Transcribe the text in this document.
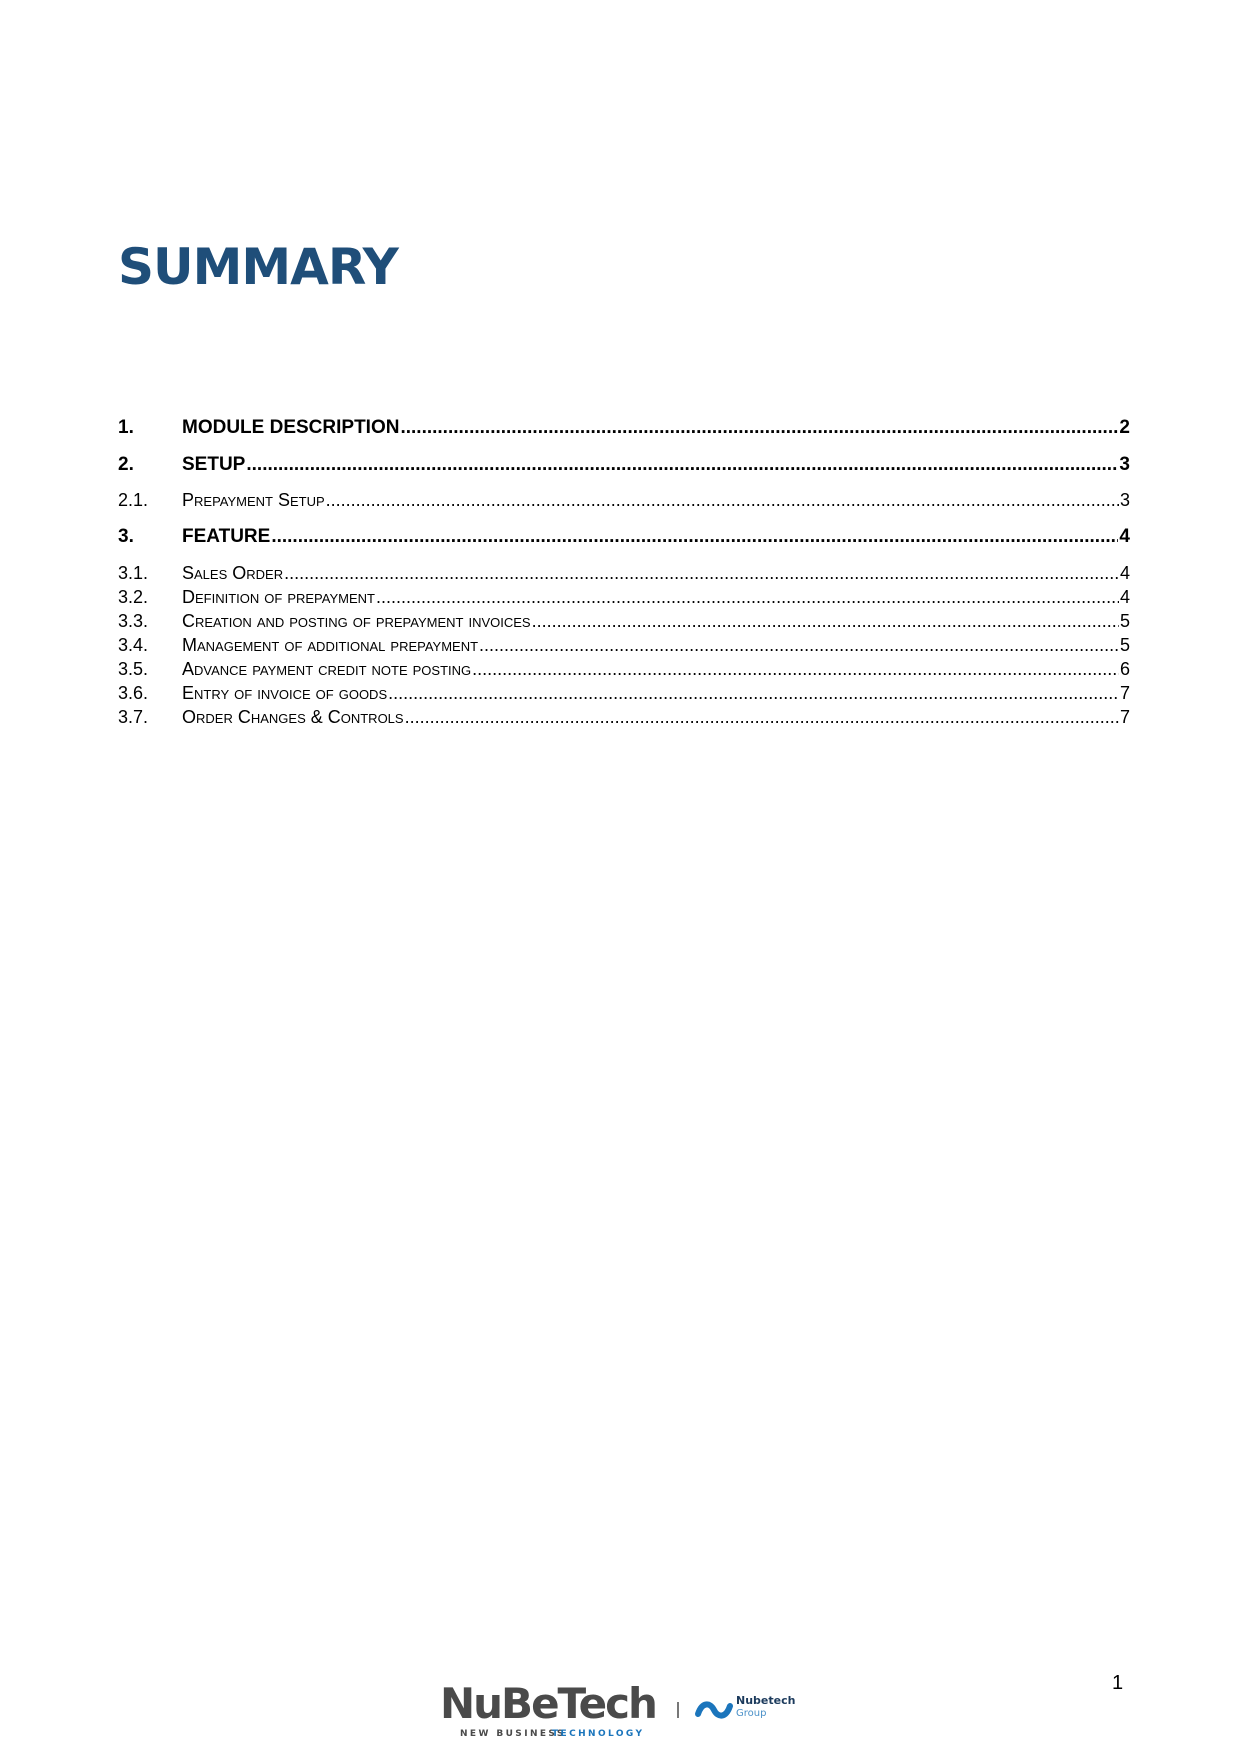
SUMMARY
1.	MODULE DESCRIPTION .....	2
2.	SETUP .....	3
2.1.	Prepayment Setup .....	3
3.	FEATURE .....	4
3.1.	Sales Order .....	4
3.2.	Definition of prepayment .....	4
3.3.	Creation and posting of prepayment invoices .....	5
3.4.	Management of additional prepayment .....	5
3.5.	Advance payment credit note posting .....	6
3.6.	Entry of invoice of goods .....	7
3.7.	Order Changes & Controls .....	7
NuBeTech
NEW BUSINESS
TECHNOLOGY
Nubetech
Group
1
